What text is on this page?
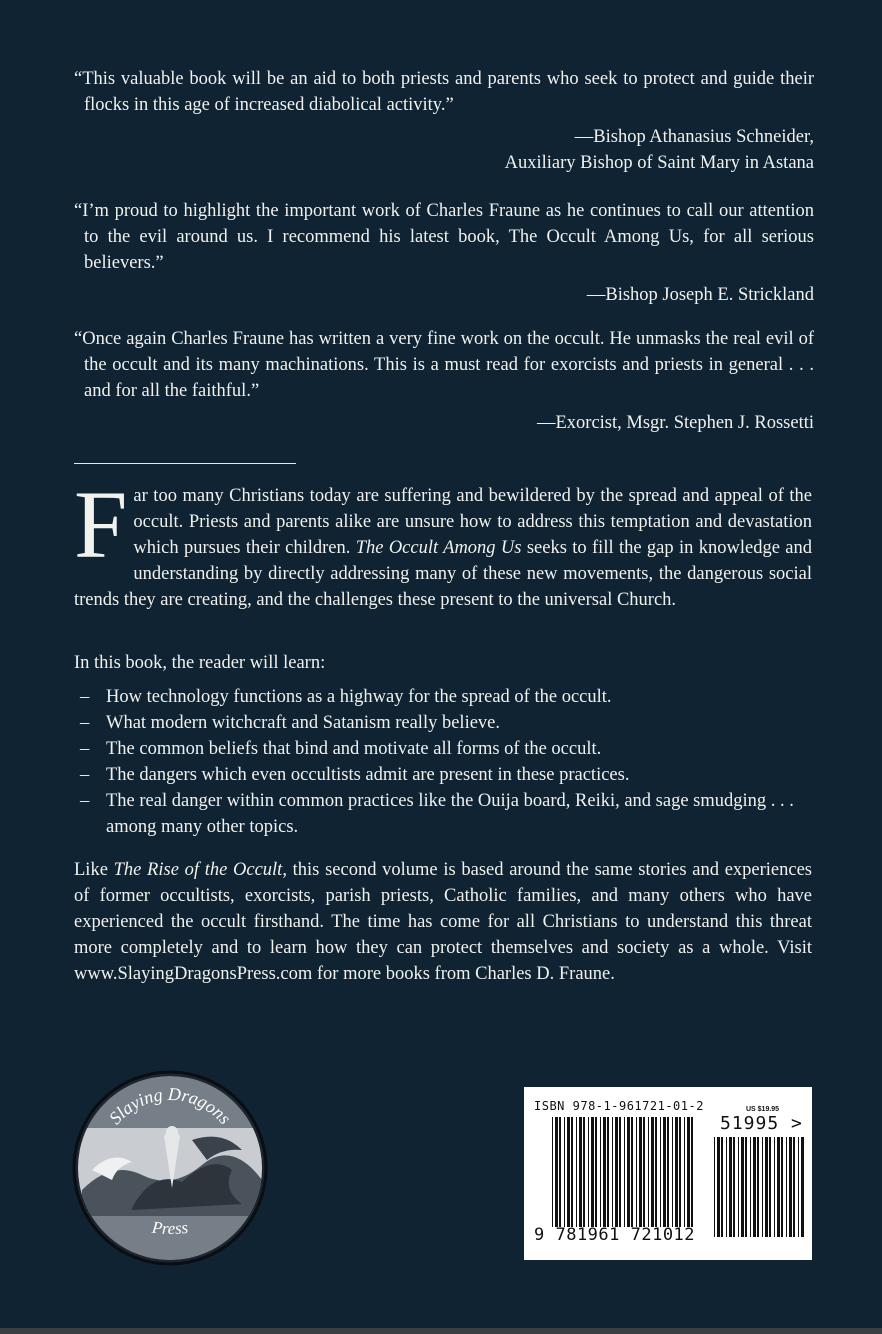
“This valuable book will be an aid to both priests and parents who seek to protect and guide their flocks in this age of increased diabolical activity.”
—Bishop Athanasius Schneider,
Auxiliary Bishop of Saint Mary in Astana
“I’m proud to highlight the important work of Charles Fraune as he continues to call our attention to the evil around us. I recommend his latest book, The Occult Among Us, for all serious believers.”
—Bishop Joseph E. Strickland
“Once again Charles Fraune has written a very fine work on the occult. He unmasks the real evil of the occult and its many machinations. This is a must read for exorcists and priests in general . . . and for all the faithful.”
—Exorcist, Msgr. Stephen J. Rossetti
Far too many Christians today are suffering and bewildered by the spread and appeal of the occult. Priests and parents alike are unsure how to address this temptation and devastation which pursues their children. The Occult Among Us seeks to fill the gap in knowledge and understanding by directly addressing many of these new movements, the dangerous social trends they are creating, and the challenges these present to the universal Church.
In this book, the reader will learn:
– How technology functions as a highway for the spread of the occult.
– What modern witchcraft and Satanism really believe.
– The common beliefs that bind and motivate all forms of the occult.
– The dangers which even occultists admit are present in these practices.
– The real danger within common practices like the Ouija board, Reiki, and sage smudging . . . among many other topics.
Like The Rise of the Occult, this second volume is based around the same stories and experiences of former occultists, exorcists, parish priests, Catholic families, and many others who have experienced the occult firsthand. The time has come for all Christians to understand this threat more completely and to learn how they can protect themselves and society as a whole. Visit www.SlayingDragonsPress.com for more books from Charles D. Fraune.
Slaying Dragons
Press
ISBN 978-1-961721-01-2	US $19.95
51995 >
9 781961 721012
